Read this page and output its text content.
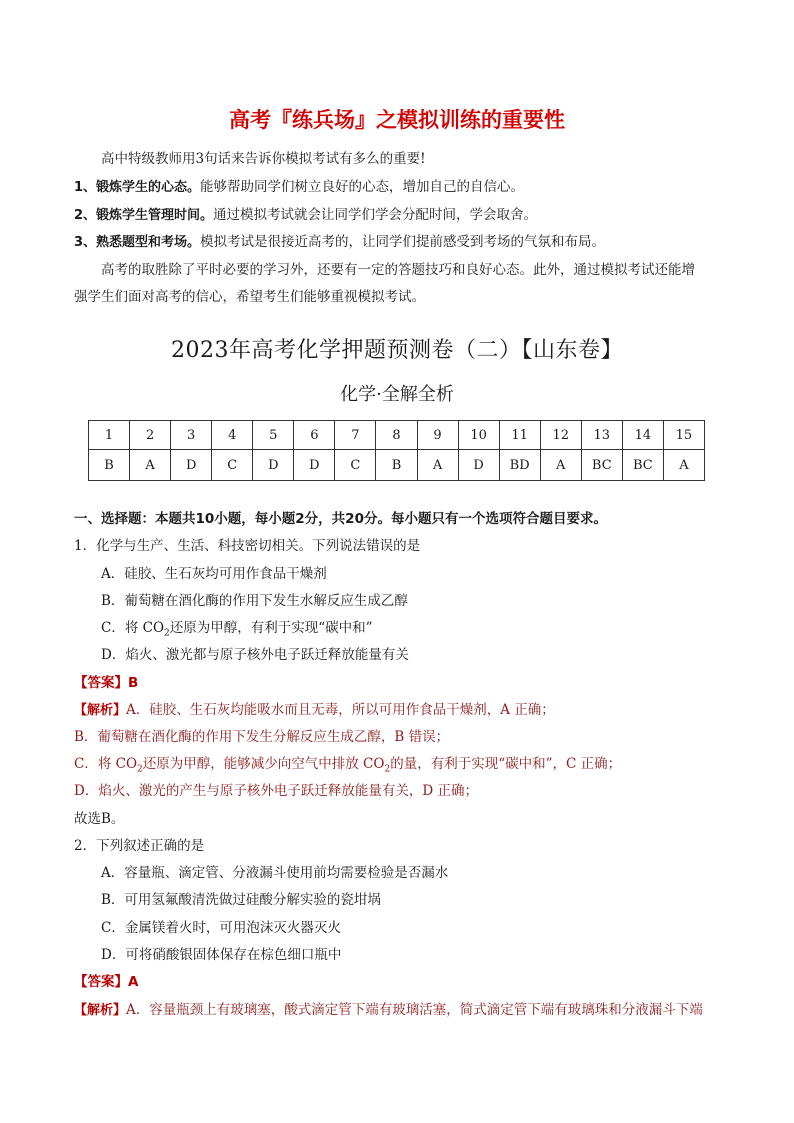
高考『练兵场』之模拟训练的重要性
高中特级教师用3句话来告诉你模拟考试有多么的重要!
1、锻炼学生的心态。能够帮助同学们树立良好的心态，增加自己的自信心。
2、锻炼学生管理时间。通过模拟考试就会让同学们学会分配时间，学会取舍。
3、熟悉题型和考场。模拟考试是很接近高考的，让同学们提前感受到考场的气氛和布局。
高考的取胜除了平时必要的学习外，还要有一定的答题技巧和良好心态。此外，通过模拟考试还能增
强学生们面对高考的信心，希望考生们能够重视模拟考试。
2023年高考化学押题预测卷（二）【山东卷】
化学·全解全析
1	2	3	4	5	6	7	8	9	10	11	12	13	14	15
B	A	D	C	D	D	C	B	A	D	BD	A	BC	BC	A
一、选择题：本题共10小题，每小题2分，共20分。每小题只有一个选项符合题目要求。
1．化学与生产、生活、科技密切相关。下列说法错误的是
A．硅胶、生石灰均可用作食品干燥剂
B．葡萄糖在酒化酶的作用下发生水解反应生成乙醇
C．将 $CO_2$还原为甲醇，有利于实现“碳中和”
D．焰火、激光都与原子核外电子跃迁释放能量有关
【答案】B
【解析】A．硅胶、生石灰均能吸水而且无毒，所以可用作食品干燥剂，A 正确；
B．葡萄糖在酒化酶的作用下发生分解反应生成乙醇，B 错误；
C．将 $CO_2$还原为甲醇，能够减少向空气中排放 $CO_2$的量，有利于实现“碳中和”，C 正确；
D．焰火、激光的产生与原子核外电子跃迁释放能量有关，D 正确；
故选B。
2．下列叙述正确的是
A．容量瓶、滴定管、分液漏斗使用前均需要检验是否漏水
B．可用氢氟酸清洗做过硅酸分解实验的瓷坩埚
C．金属镁着火时，可用泡沫灭火器灭火
D．可将硝酸银固体保存在棕色细口瓶中
【答案】A
【解析】A．容量瓶颈上有玻璃塞，酸式滴定管下端有玻璃活塞，简式滴定管下端有玻璃珠和分液漏斗下端
